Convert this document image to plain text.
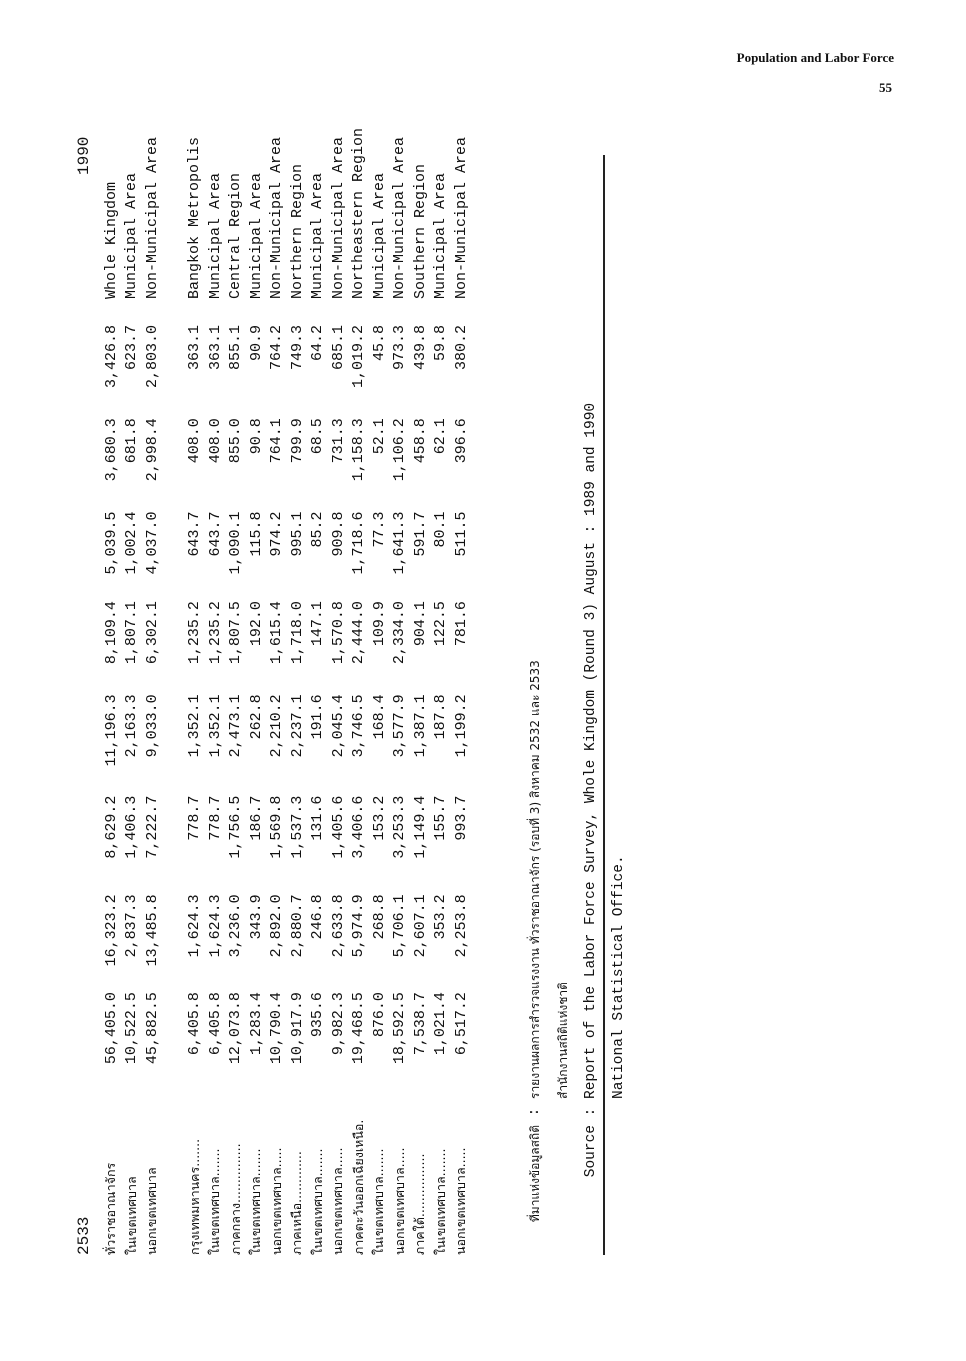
Population and Labor Force
55
2533
1990
ทั่วราชอาณาจักร	56,405.0	16,323.2	8,629.2	11,196.3	8,109.4	5,039.5	3,680.3	3,426.8	Whole Kingdom
ในเขตเทศบาล	10,522.5	2,837.3	1,406.3	2,163.3	1,807.1	1,002.4	681.8	623.7	Municipal Area
นอกเขตเทศบาล	45,882.5	13,485.8	7,222.7	9,033.0	6,302.1	4,037.0	2,998.4	2,803.0	Non-Municipal Area

กรุงเทพมหานคร.......	6,405.8	1,624.3	778.7	1,352.1	1,235.2	643.7	408.0	363.1	Bangkok Metropolis
ในเขตเทศบาล.......	6,405.8	1,624.3	778.7	1,352.1	1,235.2	643.7	408.0	363.1	Municipal Area
ภาคกลาง...............	12,073.8	3,236.0	1,756.5	2,473.1	1,807.5	1,090.1	855.0	855.1	Central Region
ในเขตเทศบาล.......	1,283.4	343.9	186.7	262.8	192.0	115.8	90.8	90.9	Municipal Area
นอกเขตเทศบาล.....	10,790.4	2,892.0	1,569.8	2,210.2	1,615.4	974.2	764.1	764.2	Non-Municipal Area
ภาคเหนือ.............	10,917.9	2,880.7	1,537.3	2,237.1	1,718.0	995.1	799.9	749.3	Northern Region
ในเขตเทศบาล.......	935.6	246.8	131.6	191.6	147.1	85.2	68.5	64.2	Municipal Area
นอกเขตเทศบาล.....	9,982.3	2,633.8	1,405.6	2,045.4	1,570.8	909.8	731.3	685.1	Non-Municipal Area
ภาคตะวันออกเฉียงเหนือ.	19,468.5	5,974.9	3,406.6	3,746.5	2,444.0	1,718.6	1,158.3	1,019.2	Northeastern Region
ในเขตเทศบาล.......	876.0	268.8	153.2	168.4	109.9	77.3	52.1	45.8	Municipal Area
นอกเขตเทศบาล.....	18,592.5	5,706.1	3,253.3	3,577.9	2,334.0	1,641.3	1,106.2	973.3	Non-Municipal Area
ภาคใต้................	7,538.7	2,607.1	1,149.4	1,387.1	904.1	591.7	458.8	439.8	Southern Region
ในเขตเทศบาล.......	1,021.4	353.2	155.7	187.8	122.5	80.1	62.1	59.8	Municipal Area
นอกเขตเทศบาล.....	6,517.2	2,253.8	993.7	1,199.2	781.6	511.5	396.6	380.2	Non-Municipal Area
ที่มาแห่งข้อมูลสถิติ
:
รายงานผลการสำรวจแรงงาน ทั่วราชอาณาจักร (รอบที่ 3) สิงหาคม 2532 และ 2533	สำนักงานสถิติแห่งชาติ
Source
:
Report of the Labor Force Survey, Whole Kingdom (Round 3) August : 1989 and 1990 National Statistical Office.
